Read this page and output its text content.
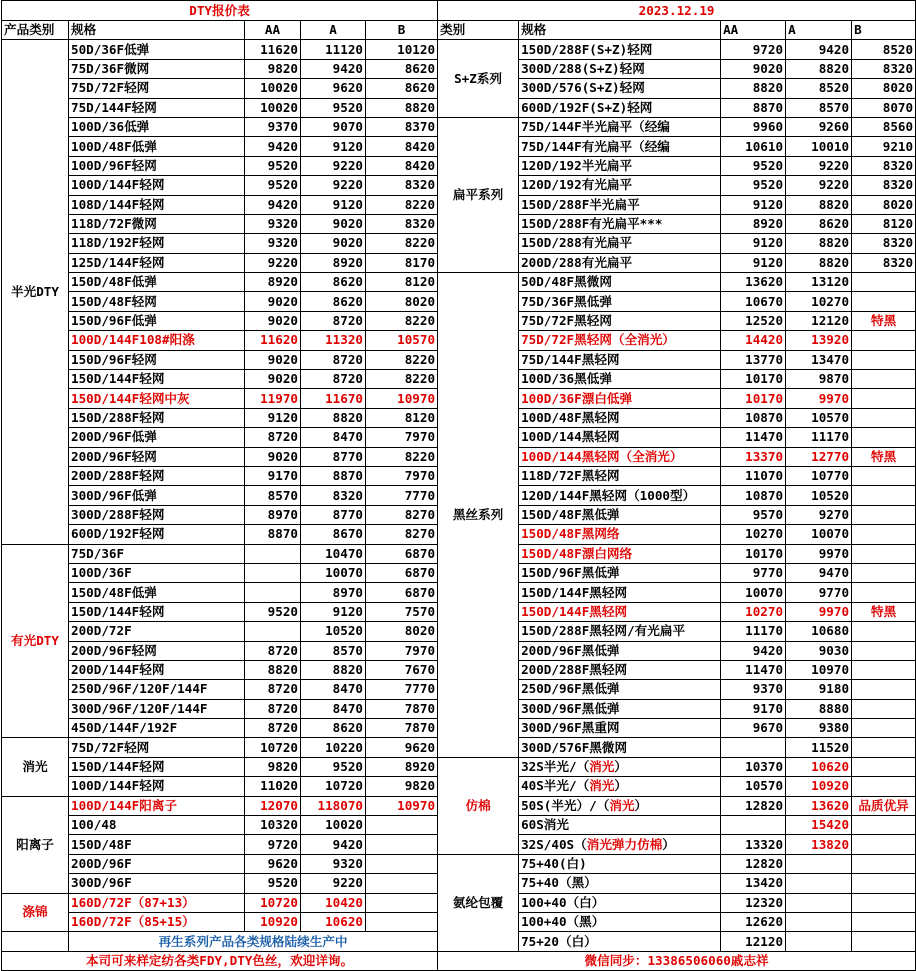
DTY报价表					2023.12.19				
产品类别	规格	AA	A	B	类别	规格	AA	A	B
半光DTY	50D/36F低弹	11620	11120	10120	S+Z系列	150D/288F(S+Z)轻网	9720	9420	8520
	75D/36F微网	9820	9420	8620		300D/288(S+Z)轻网	9020	8820	8320
	75D/72F轻网	10020	9620	8620		300D/576(S+Z)轻网	8820	8520	8020
	75D/144F轻网	10020	9520	8820		600D/192F(S+Z)轻网	8870	8570	8070
	100D/36低弹	9370	9070	8370	扁平系列	75D/144F半光扁平（经编	9960	9260	8560
	100D/48F低弹	9420	9120	8420		75D/144F有光扁平（经编	10610	10010	9210
	100D/96F轻网	9520	9220	8420		120D/192半光扁平	9520	9220	8320
	100D/144F轻网	9520	9220	8320		120D/192有光扁平	9520	9220	8320
	108D/144F轻网	9420	9120	8220		150D/288F半光扁平	9120	8820	8020
	118D/72F微网	9320	9020	8320		150D/288F有光扁平***	8920	8620	8120
	118D/192F轻网	9320	9020	8220		150D/288有光扁平	9120	8820	8320
	125D/144F轻网	9220	8920	8170		200D/288有光扁平	9120	8820	8320
	150D/48F低弹	8920	8620	8120	黑丝系列	50D/48F黑微网	13620	13120	
	150D/48F轻网	9020	8620	8020		75D/36F黑低弹	10670	10270	
	150D/96F低弹	9020	8720	8220		75D/72F黑轻网	12520	12120	特黑
	100D/144F108#阳涤	11620	11320	10570		75D/72F黑轻网（全消光）	14420	13920	
	150D/96F轻网	9020	8720	8220		75D/144F黑轻网	13770	13470	
	150D/144F轻网	9020	8720	8220		100D/36黑低弹	10170	9870	
	150D/144F轻网中灰	11970	11670	10970		100D/36F漂白低弹	10170	9970	
	150D/288F轻网	9120	8820	8120		100D/48F黑轻网	10870	10570	
	200D/96F低弹	8720	8470	7970		100D/144黑轻网	11470	11170	
	200D/96F轻网	9020	8770	8220		100D/144黑轻网（全消光）	13370	12770	特黑
	200D/288F轻网	9170	8870	7970		118D/72F黑轻网	11070	10770	
	300D/96F低弹	8570	8320	7770		120D/144F黑轻网（1000型）	10870	10520	
	300D/288F轻网	8970	8770	8270		150D/48F黑低弹	9570	9270	
	600D/192F轻网	8870	8670	8270		150D/48F黑网络	10270	10070	
有光DTY	75D/36F		10470	6870		150D/48F漂白网络	10170	9970	
	100D/36F		10070	6870		150D/96F黑低弹	9770	9470	
	150D/48F低弹		8970	6870		150D/144F黑轻网	10070	9770	
	150D/144F轻网	9520	9120	7570		150D/144F黑轻网	10270	9970	特黑
	200D/72F		10520	8020		150D/288F黑轻网/有光扁平	11170	10680	
	200D/96F轻网	8720	8570	7970		200D/96F黑低弹	9420	9030	
	200D/144F轻网	8820	8820	7670		200D/288F黑轻网	11470	10970	
	250D/96F/120F/144F	8720	8470	7770		250D/96F黑低弹	9370	9180	
	300D/96F/120F/144F	8720	8470	7870		300D/96F黑低弹	9170	8880	
	450D/144F/192F	8720	8620	7870		300D/96F黑重网	9670	9380	
消光	75D/72F轻网	10720	10220	9620		300D/576F黑微网		11520	
	150D/144F轻网	9820	9520	8920	仿棉	32S半光/（消光）	10370	10620	
	100D/144F轻网	11020	10720	9820		40S半光/（消光）	10570	10920	
阳离子	100D/144F阳离子	12070	118070	10970		50S(半光）/（消光）	12820	13620	品质优异
	100/48	10320	10020			60S消光		15420	
	150D/48F	9720	9420			32S/40S（消光弹力仿棉）	13320	13820	
	200D/96F	9620	9320		氨纶包覆	75+40(白)	12820		
	300D/96F	9520	9220			75+40（黑）	13420		
涤锦	160D/72F（87+13）	10720	10420			100+40（白）	12320		
	160D/72F（85+15）	10920	10620			100+40（黑）	12620		
	再生系列产品各类规格陆续生产中					75+20（白）	12120		
本司可来样定纺各类FDY,DTY色丝，欢迎详询。					微信同步：13386506060戚志祥				
